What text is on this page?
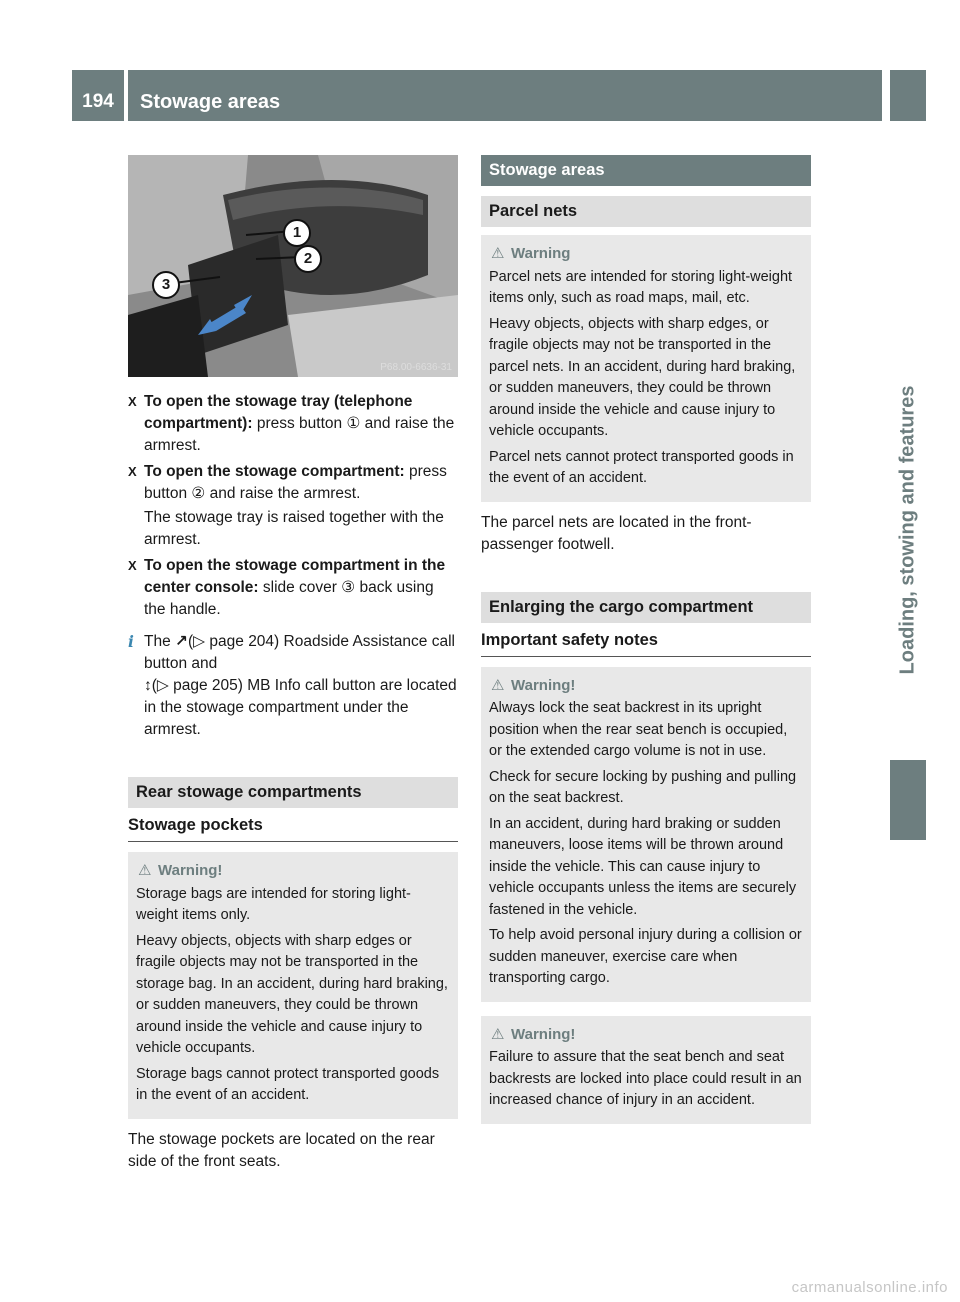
194	Stowage areas
Loading, stowing and features
1
2
3
P68.00-6636-31
X To open the stowage tray (telephone compartment): press button ① and raise the armrest.
X To open the stowage compartment: press button ② and raise the armrest.
The stowage tray is raised together with the armrest.
X To open the stowage compartment in the center console: slide cover ③ back using the handle.
i The ↗(▷ page 204) Roadside Assistance call button and
↕(▷ page 205) MB Info call button are located in the stowage compartment under the armrest.
Rear stowage compartments
Stowage pockets
⚠ Warning!

Storage bags are intended for storing light-weight items only.

Heavy objects, objects with sharp edges or fragile objects may not be transported in the storage bag. In an accident, during hard braking, or sudden maneuvers, they could be thrown around inside the vehicle and cause injury to vehicle occupants.

Storage bags cannot protect transported goods in the event of an accident.

The stowage pockets are located on the rear side of the front seats.

Stowage areas
Parcel nets
⚠ Warning

Parcel nets are intended for storing light-weight items only, such as road maps, mail, etc.

Heavy objects, objects with sharp edges, or fragile objects may not be transported in the parcel nets. In an accident, during hard braking, or sudden maneuvers, they could be thrown around inside the vehicle and cause injury to vehicle occupants.

Parcel nets cannot protect transported goods in the event of an accident.

The parcel nets are located in the front-passenger footwell.

Enlarging the cargo compartment
Important safety notes
⚠ Warning!

Always lock the seat backrest in its upright position when the rear seat bench is occupied, or the extended cargo volume is not in use.

Check for secure locking by pushing and pulling on the seat backrest.

In an accident, during hard braking or sudden maneuvers, loose items will be thrown around inside the vehicle. This can cause injury to vehicle occupants unless the items are securely fastened in the vehicle.

To help avoid personal injury during a collision or sudden maneuver, exercise care when transporting cargo.

⚠ Warning!

Failure to assure that the seat bench and seat backrests are locked into place could result in an increased chance of injury in an accident.

carmanualsonline.info
